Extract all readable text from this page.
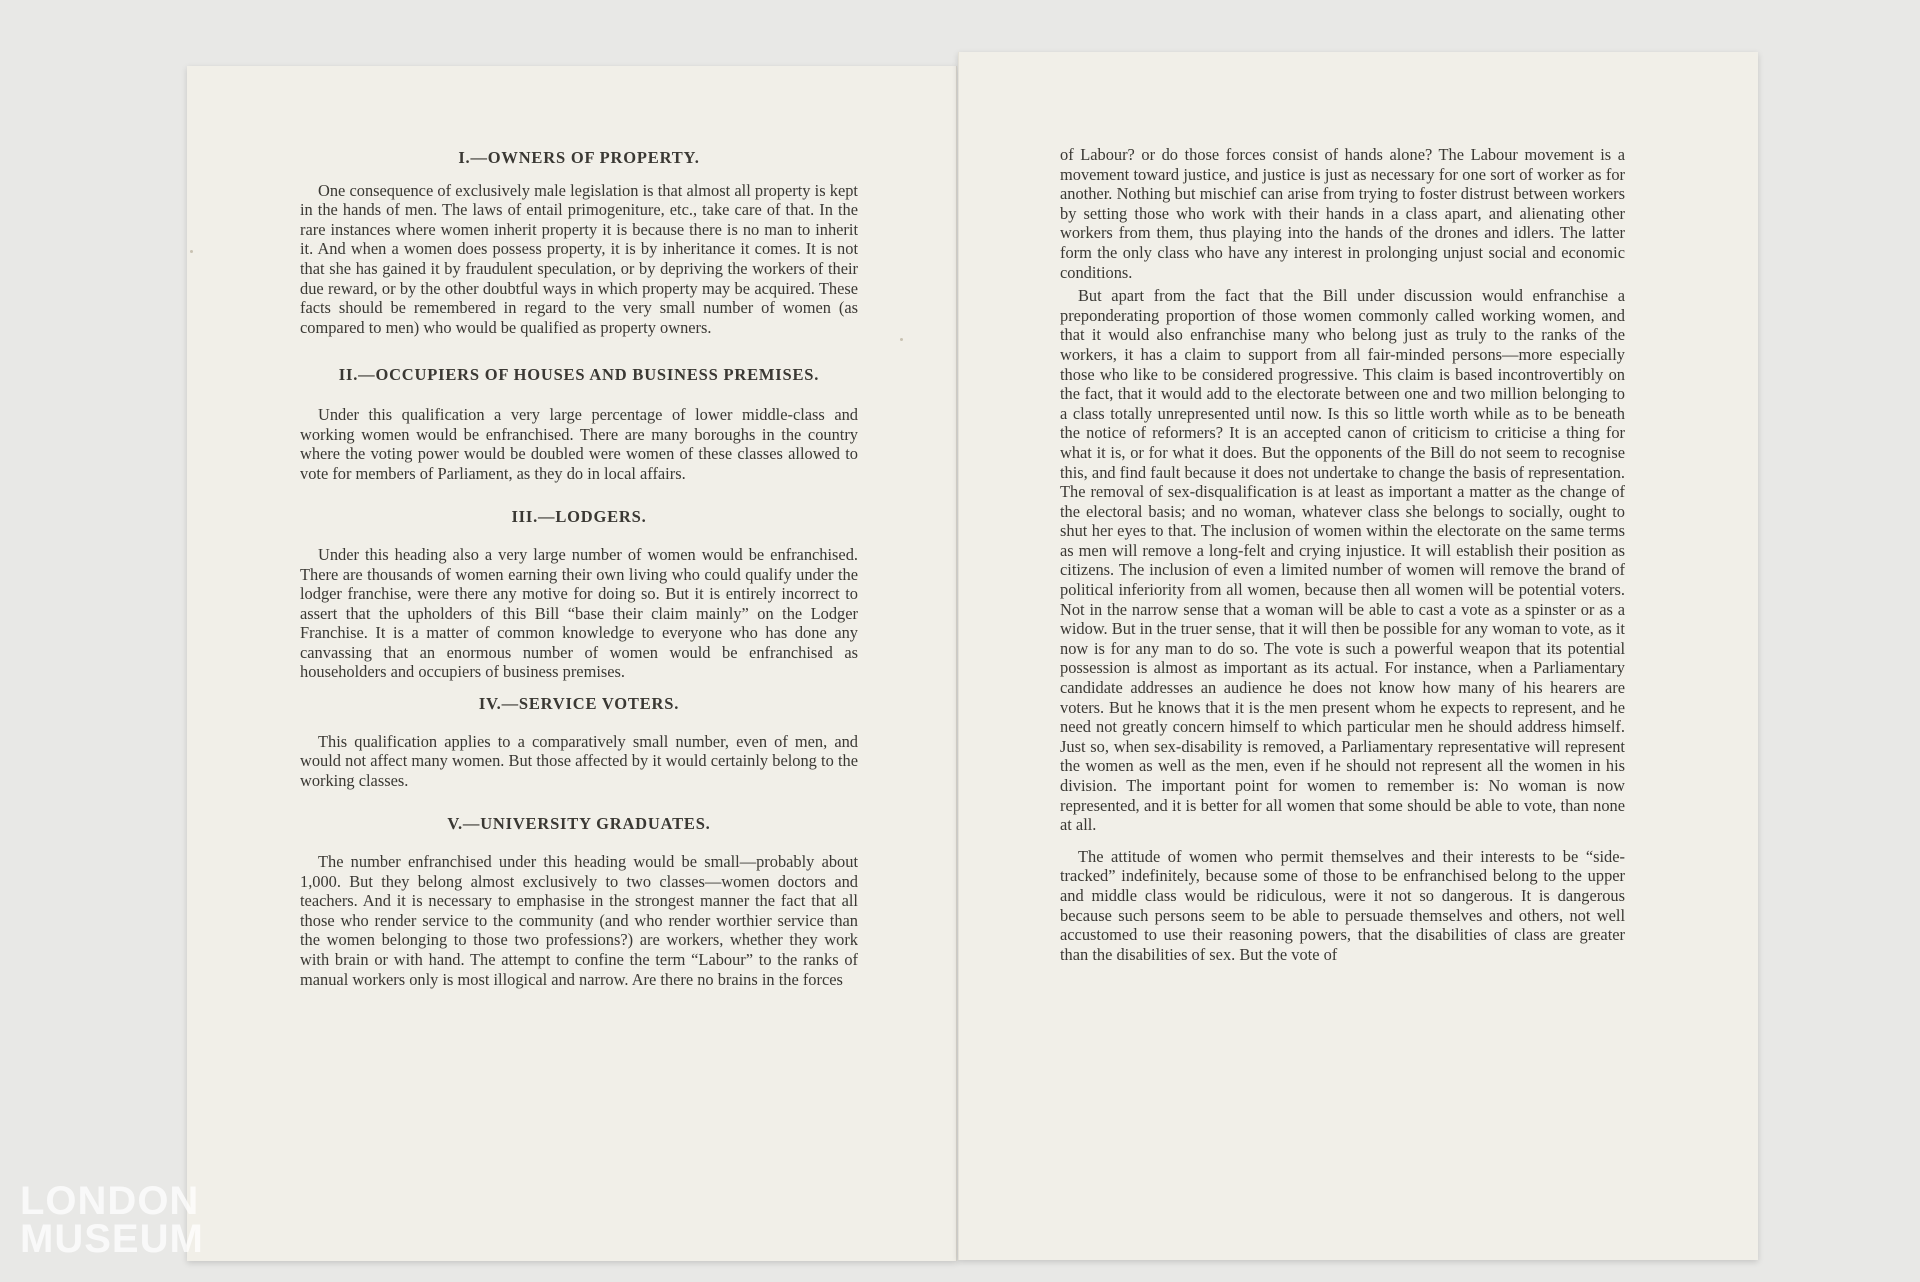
I.—OWNERS OF PROPERTY.

One consequence of exclusively male legislation is that almost all property is kept in the hands of men. The laws of entail primogeniture, etc., take care of that. In the rare instances where women inherit property it is because there is no man to inherit it. And when a women does possess property, it is by inheritance it comes. It is not that she has gained it by fraudulent speculation, or by depriving the workers of their due reward, or by the other doubtful ways in which property may be acquired. These facts should be remembered in regard to the very small number of women (as compared to men) who would be qualified as property owners.

II.—OCCUPIERS OF HOUSES AND BUSINESS PREMISES.

Under this qualification a very large percentage of lower middle-class and working women would be enfranchised. There are many boroughs in the country where the voting power would be doubled were women of these classes allowed to vote for members of Parliament, as they do in local affairs.

III.—LODGERS.

Under this heading also a very large number of women would be enfranchised. There are thousands of women earning their own living who could qualify under the lodger franchise, were there any motive for doing so. But it is entirely incorrect to assert that the upholders of this Bill “base their claim mainly” on the Lodger Franchise. It is a matter of common knowledge to everyone who has done any canvassing that an enormous number of women would be enfranchised as householders and occupiers of business premises.

IV.—SERVICE VOTERS.

This qualification applies to a comparatively small number, even of men, and would not affect many women. But those affected by it would certainly belong to the working classes.

V.—UNIVERSITY GRADUATES.

The number enfranchised under this heading would be small—probably about 1,000. But they belong almost exclusively to two classes—women doctors and teachers. And it is necessary to emphasise in the strongest manner the fact that all those who render service to the community (and who render worthier service than the women belonging to those two professions?) are workers, whether they work with brain or with hand. The attempt to confine the term “Labour” to the ranks of manual workers only is most illogical and narrow. Are there no brains in the forces

of Labour? or do those forces consist of hands alone? The Labour movement is a movement toward justice, and justice is just as necessary for one sort of worker as for another. Nothing but mischief can arise from trying to foster distrust between workers by setting those who work with their hands in a class apart, and alienating other workers from them, thus playing into the hands of the drones and idlers. The latter form the only class who have any interest in prolonging unjust social and economic conditions.

But apart from the fact that the Bill under discussion would enfranchise a preponderating proportion of those women commonly called working women, and that it would also enfranchise many who belong just as truly to the ranks of the workers, it has a claim to support from all fair-minded persons—more especially those who like to be considered progressive. This claim is based incontrovertibly on the fact, that it would add to the electorate between one and two million belonging to a class totally unrepresented until now. Is this so little worth while as to be beneath the notice of reformers? It is an accepted canon of criticism to criticise a thing for what it is, or for what it does. But the opponents of the Bill do not seem to recognise this, and find fault because it does not undertake to change the basis of representation. The removal of sex-disqualification is at least as important a matter as the change of the electoral basis; and no woman, whatever class she belongs to socially, ought to shut her eyes to that. The inclusion of women within the electorate on the same terms as men will remove a long-felt and crying injustice. It will establish their position as citizens. The inclusion of even a limited number of women will remove the brand of political inferiority from all women, because then all women will be potential voters. Not in the narrow sense that a woman will be able to cast a vote as a spinster or as a widow. But in the truer sense, that it will then be possible for any woman to vote, as it now is for any man to do so. The vote is such a powerful weapon that its potential possession is almost as important as its actual. For instance, when a Parliamentary candidate addresses an audience he does not know how many of his hearers are voters. But he knows that it is the men present whom he expects to represent, and he need not greatly concern himself to which particular men he should address himself. Just so, when sex-disability is removed, a Parliamentary representative will represent the women as well as the men, even if he should not represent all the women in his division. The important point for women to remember is: No woman is now represented, and it is better for all women that some should be able to vote, than none at all.

The attitude of women who permit themselves and their interests to be “side-tracked” indefinitely, because some of those to be enfranchised belong to the upper and middle class would be ridiculous, were it not so dangerous. It is dangerous because such persons seem to be able to persuade themselves and others, not well accustomed to use their reasoning powers, that the disabilities of class are greater than the disabilities of sex. But the vote of

LONDON
MUSEUM
